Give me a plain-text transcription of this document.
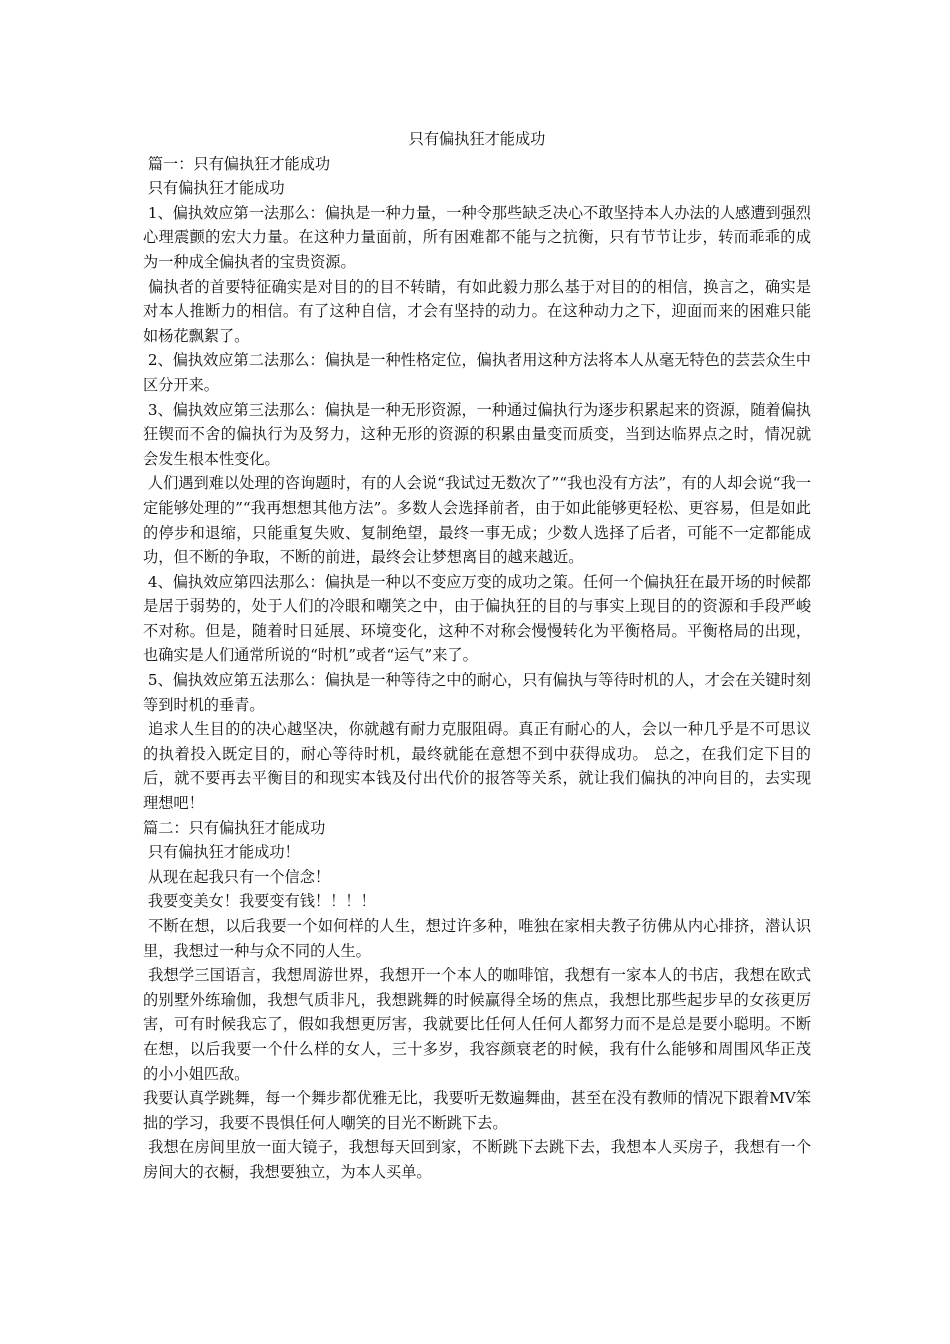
只有偏执狂才能成功

篇一：只有偏执狂才能成功

只有偏执狂才能成功

1、偏执效应第一法那么：偏执是一种力量，一种令那些缺乏决心不敢坚持本人办法的人感遭到强烈心理震颤的宏大力量。在这种力量面前，所有困难都不能与之抗衡，只有节节让步，转而乖乖的成为一种成全偏执者的宝贵资源。

偏执者的首要特征确实是对目的的目不转睛，有如此毅力那么基于对目的的相信，换言之，确实是对本人推断力的相信。有了这种自信，才会有坚持的动力。在这种动力之下，迎面而来的困难只能如杨花飘絮了。

2、偏执效应第二法那么：偏执是一种性格定位，偏执者用这种方法将本人从毫无特色的芸芸众生中区分开来。

3、偏执效应第三法那么：偏执是一种无形资源，一种通过偏执行为逐步积累起来的资源，随着偏执狂锲而不舍的偏执行为及努力，这种无形的资源的积累由量变而质变，当到达临界点之时，情况就会发生根本性变化。

人们遇到难以处理的咨询题时，有的人会说“我试过无数次了”“我也没有方法”，有的人却会说“我一定能够处理的”“我再想想其他方法”。多数人会选择前者，由于如此能够更轻松、更容易，但是如此的停步和退缩，只能重复失败、复制绝望，最终一事无成；少数人选择了后者，可能不一定都能成功，但不断的争取，不断的前进，最终会让梦想离目的越来越近。

4、偏执效应第四法那么：偏执是一种以不变应万变的成功之策。任何一个偏执狂在最开场的时候都是居于弱势的，处于人们的冷眼和嘲笑之中，由于偏执狂的目的与事实上现目的的资源和手段严峻不对称。但是，随着时日延展、环境变化，这种不对称会慢慢转化为平衡格局。平衡格局的出现，也确实是人们通常所说的“时机”或者“运气”来了。

5、偏执效应第五法那么：偏执是一种等待之中的耐心，只有偏执与等待时机的人，才会在关键时刻等到时机的垂青。

追求人生目的的决心越坚决，你就越有耐力克服阻碍。真正有耐心的人，会以一种几乎是不可思议的执着投入既定目的，耐心等待时机，最终就能在意想不到中获得成功。 总之，在我们定下目的后，就不要再去平衡目的和现实本钱及付出代价的报答等关系，就让我们偏执的冲向目的，去实现理想吧！

篇二：只有偏执狂才能成功

只有偏执狂才能成功！

从现在起我只有一个信念！

我要变美女！我要变有钱！！！！

不断在想，以后我要一个如何样的人生，想过许多种，唯独在家相夫教子彷佛从内心排挤，潜认识里，我想过一种与众不同的人生。

我想学三国语言，我想周游世界，我想开一个本人的咖啡馆，我想有一家本人的书店，我想在欧式的别墅外练瑜伽，我想气质非凡，我想跳舞的时候赢得全场的焦点，我想比那些起步早的女孩更厉害，可有时候我忘了，假如我想更厉害，我就要比任何人任何人都努力而不是总是要小聪明。不断在想，以后我要一个什么样的女人，三十多岁，我容颜衰老的时候，我有什么能够和周围风华正茂的小小姐匹敌。

我要认真学跳舞，每一个舞步都优雅无比，我要听无数遍舞曲，甚至在没有教师的情况下跟着MV笨拙的学习，我要不畏惧任何人嘲笑的目光不断跳下去。

我想在房间里放一面大镜子，我想每天回到家，不断跳下去跳下去，我想本人买房子，我想有一个房间大的衣橱，我想要独立，为本人买单。
